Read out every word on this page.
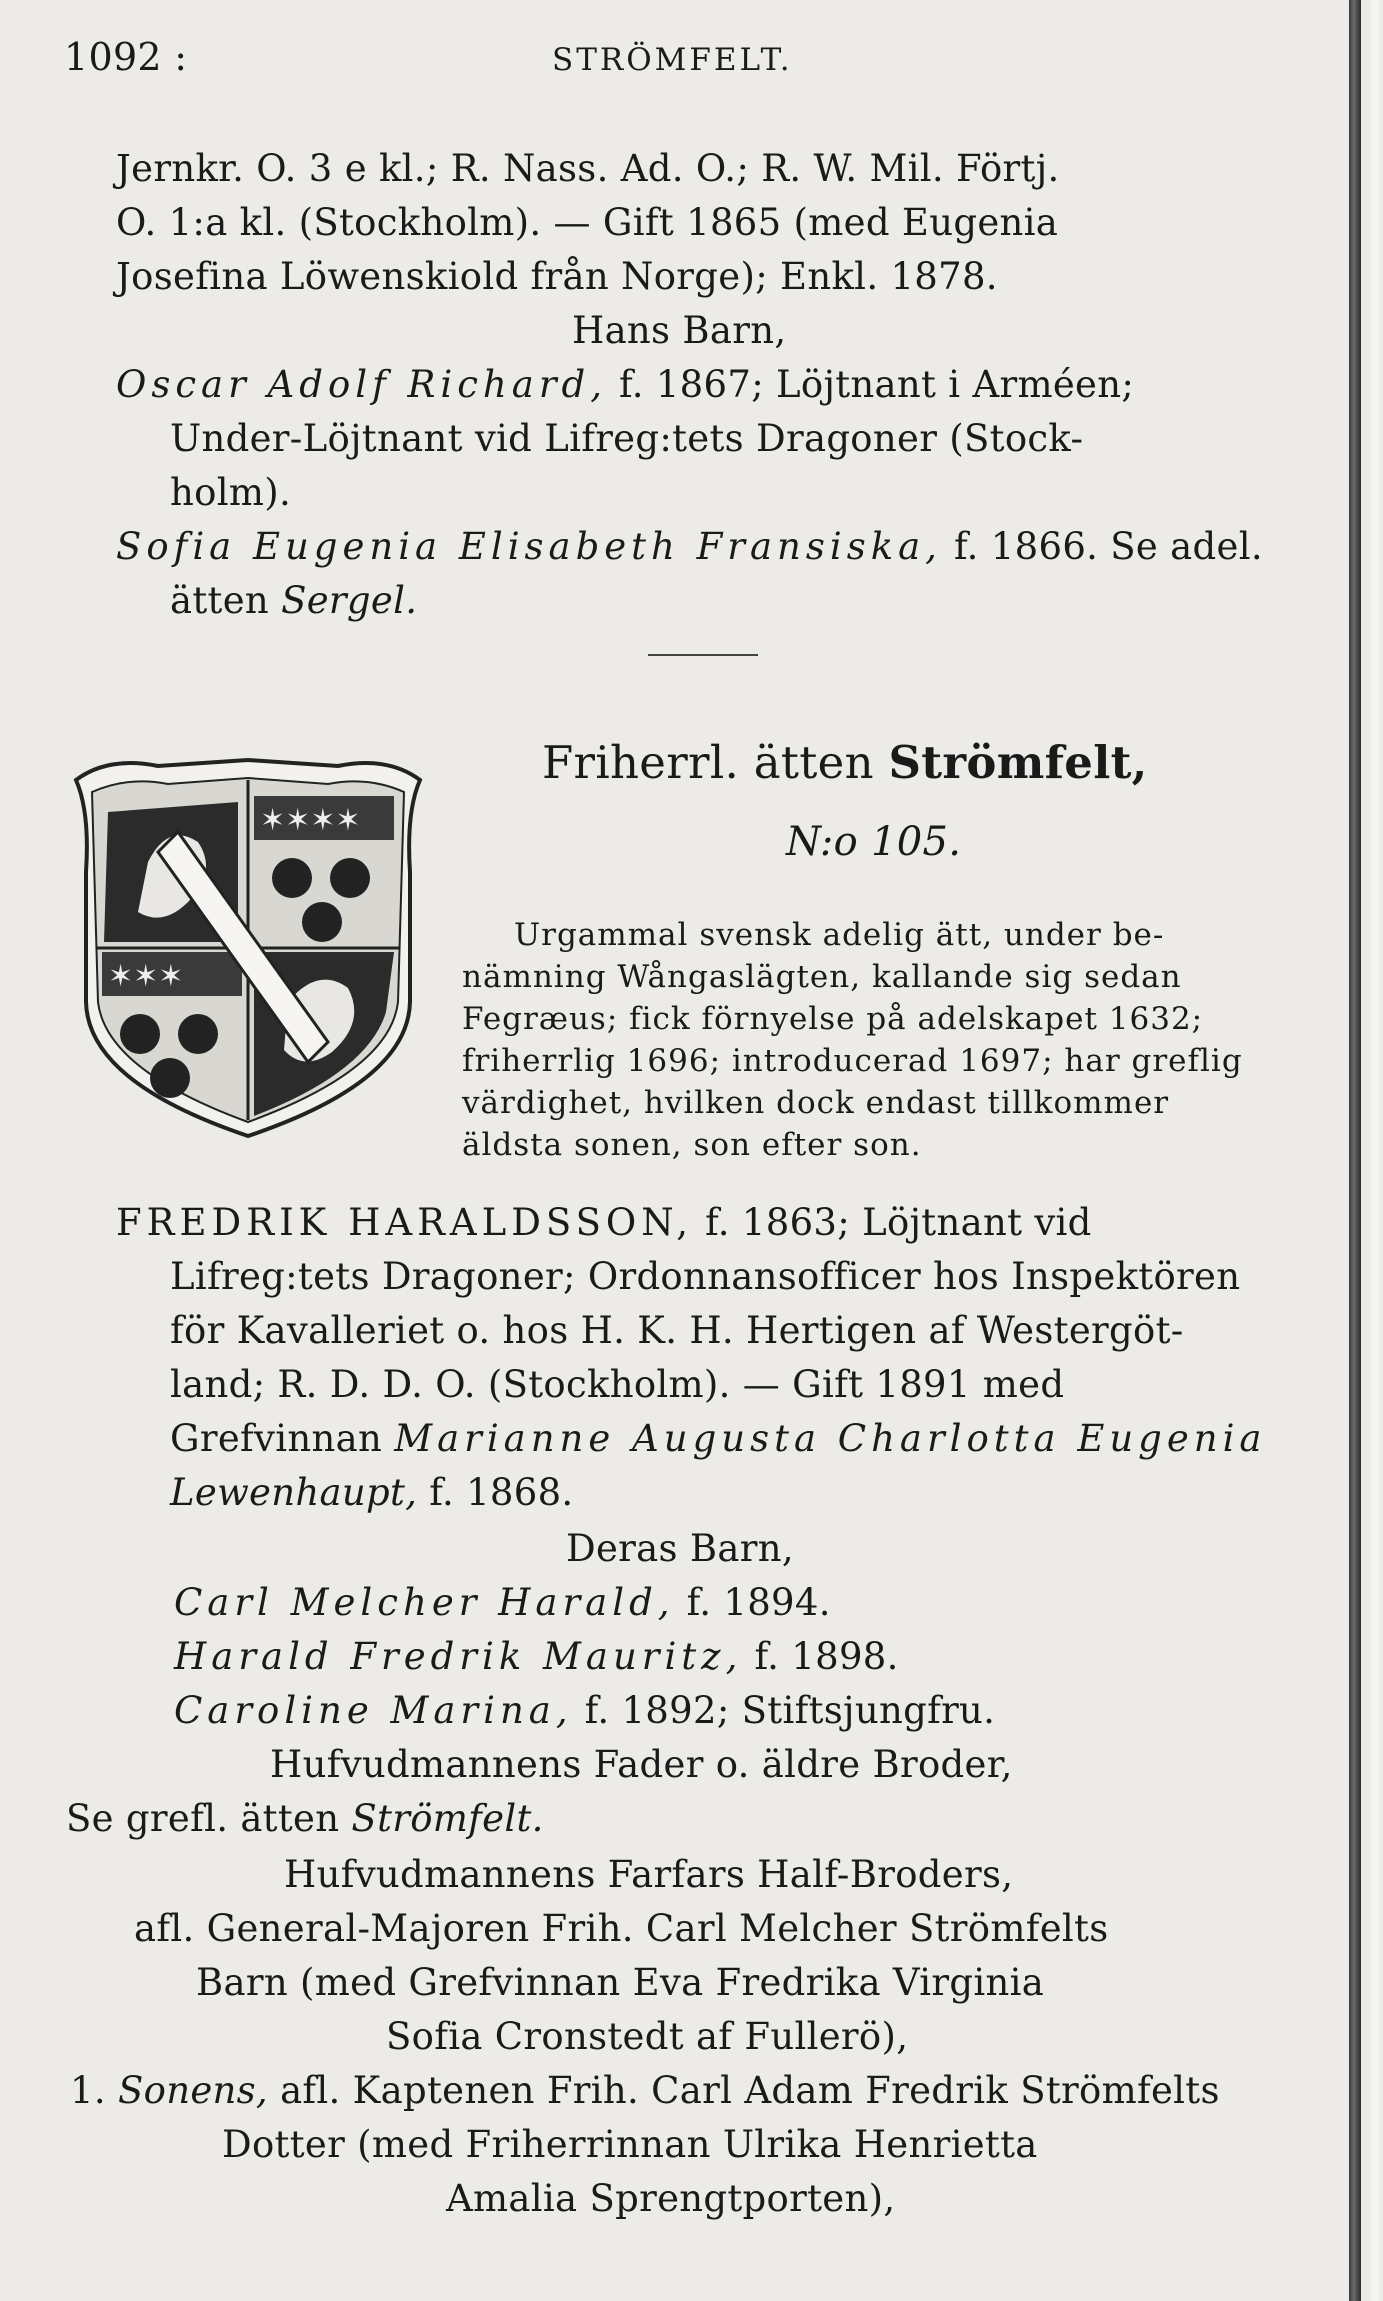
1092 :	STRÖMFELT.
Jernkr. O. 3 e kl.; R. Nass. Ad. O.; R. W. Mil. Förtj.
O. 1:a kl. (Stockholm). — Gift 1865 (med Eugenia
Josefina Löwenskiold från Norge); Enkl. 1878.
Hans Barn,
Oscar Adolf Richard, f. 1867; Löjtnant i Arméen;
Under-Löjtnant vid Lifreg:tets Dragoner (Stock-
holm).
Sofia Eugenia Elisabeth Fransiska, f. 1866. Se adel.
ätten Sergel.
✶✶✶✶
✶✶✶
Friherrl. ätten Strömfelt,
N:o 105.
Urgammal svensk adelig ätt, under be-
nämning Wångaslägten, kallande sig sedan
Fegræus; fick förnyelse på adelskapet 1632;
friherrlig 1696; introducerad 1697; har greflig
värdighet, hvilken dock endast tillkommer
äldsta sonen, son efter son.
FREDRIK HARALDSSON, f. 1863; Löjtnant vid
Lifreg:tets Dragoner; Ordonnansofficer hos Inspektören
för Kavalleriet o. hos H. K. H. Hertigen af Westergöt-
land; R. D. D. O. (Stockholm). — Gift 1891 med
Grefvinnan Marianne Augusta Charlotta Eugenia
Lewenhaupt, f. 1868.
Deras Barn,
Carl Melcher Harald, f. 1894.
Harald Fredrik Mauritz, f. 1898.
Caroline Marina, f. 1892; Stiftsjungfru.
Hufvudmannens Fader o. äldre Broder,
Se grefl. ätten Strömfelt.
Hufvudmannens Farfars Half-Broders,
afl. General-Majoren Frih. Carl Melcher Strömfelts
Barn (med Grefvinnan Eva Fredrika Virginia
Sofia Cronstedt af Fullerö),
1. Sonens, afl. Kaptenen Frih. Carl Adam Fredrik Strömfelts
Dotter (med Friherrinnan Ulrika Henrietta
Amalia Sprengtporten),
